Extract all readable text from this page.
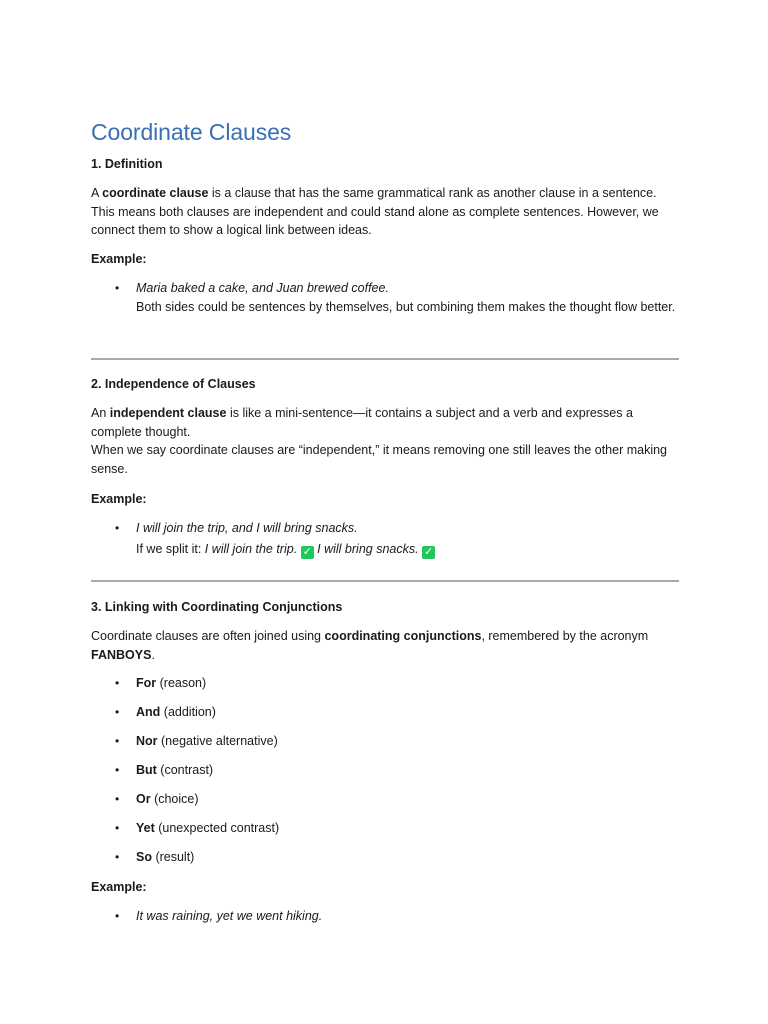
Coordinate Clauses

1. Definition

A coordinate clause is a clause that has the same grammatical rank as another clause in a sentence. This means both clauses are independent and could stand alone as complete sentences. However, we connect them to show a logical link between ideas.

Example:

• Maria baked a cake, and Juan brewed coffee.
Both sides could be sentences by themselves, but combining them makes the thought flow better.

2. Independence of Clauses

An independent clause is like a mini-sentence—it contains a subject and a verb and expresses a complete thought.

When we say coordinate clauses are “independent,” it means removing one still leaves the other making sense.

Example:

• I will join the trip, and I will bring snacks.
If we split it: I will join the trip. ✓ I will bring snacks. ✓

3. Linking with Coordinating Conjunctions

Coordinate clauses are often joined using coordinating conjunctions, remembered by the acronym
FANBOYS.

• For (reason)
• And (addition)
• Nor (negative alternative)
• But (contrast)
• Or (choice)
• Yet (unexpected contrast)
• So (result)

Example:

• It was raining, yet we went hiking.
